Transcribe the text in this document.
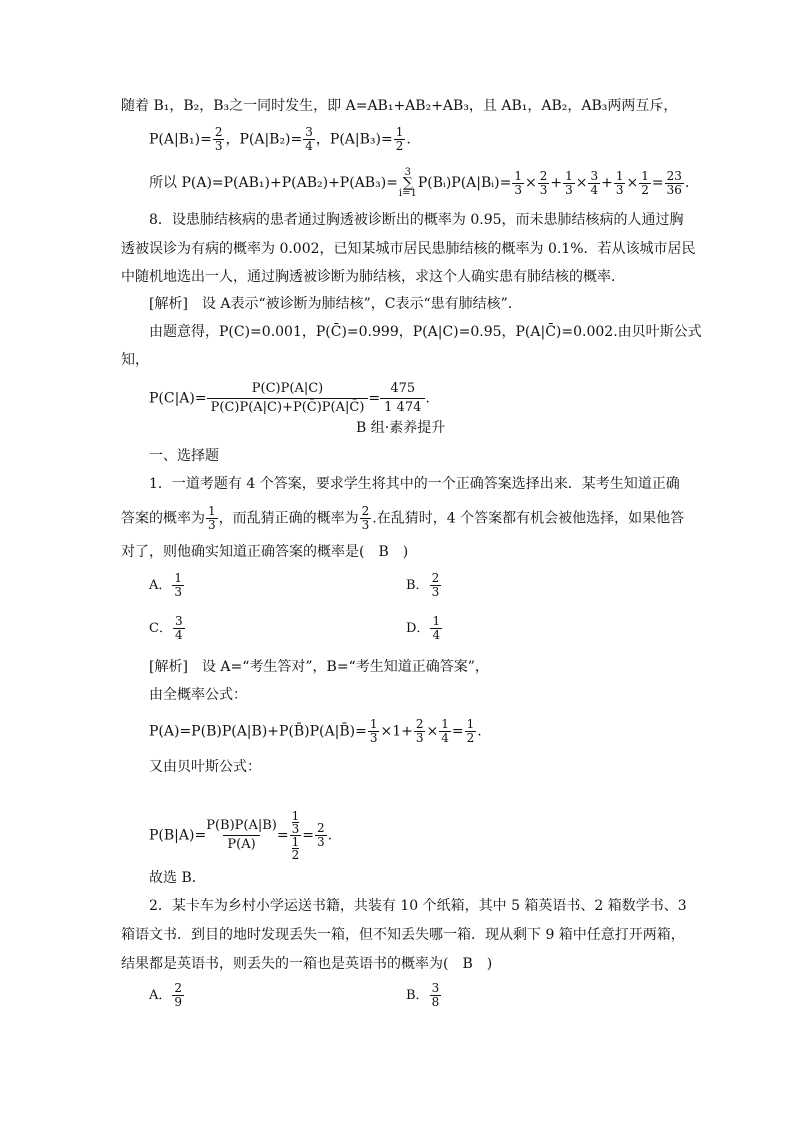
随着 B₁，B₂，B₃之一同时发生，即 A=AB₁+AB₂+AB₃，且 AB₁，AB₂，AB₃两两互斥，
$P(A|B_1)= \frac{2}{3}$ ，$P(A|B_2)= \frac{3}{4}$ ，$P(A|B_3)= \frac{1}{2}$ .
所以 P(A)=P(AB₁)+P(AB₂)+P(AB₃)=
3
∑
i=1
P(Bᵢ)P(A|Bᵢ)= $\frac{1}{3} \times \frac{2}{3} + \frac{1}{3} \times \frac{3}{4} + \frac{1}{3} \times \frac{1}{2} = \frac{23}{36}$ .
8．设患肺结核病的患者通过胸透被诊断出的概率为 0.95，而未患肺结核病的人通过胸
透被误诊为有病的概率为 0.002，已知某城市居民患肺结核的概率为 0.1%．若从该城市居民
中随机地选出一人，通过胸透被诊断为肺结核，求这个人确实患有肺结核的概率．
[解析]　设 A表示“被诊断为肺结核”，C表示“患有肺结核”．
由题意得，P(C)=0.001，P(C̄)=0.999，P(A|C)=0.95，P(A|C̄)=0.002.由贝叶斯公式
知，
$P(C|A)= \frac{P(C)P(A|C)}{P(C)P(A|C)+P(C̄)P(A|C̄)} = \frac{475}{1 474}$ .
B 组·素养提升
一、选择题
1．一道考题有 4 个答案，要求学生将其中的一个正确答案选择出来．某考生知道正确
答案的概率为 $\frac{1}{3}$ ，而乱猜正确的概率为 $\frac{2}{3}$ .在乱猜时，4 个答案都有机会被他选择，如果他答
对了，则他确实知道正确答案的概率是(　B　)
A． $\frac{1}{3}$	B． $\frac{2}{3}$
C． $\frac{3}{4}$	D． $\frac{1}{4}$
[解析]　设 A=“考生答对”，B=“考生知道正确答案”，
由全概率公式：
P(A)=P(B)P(A|B)+P(B̄)P(A|B̄)= $\frac{1}{3} \times 1+ \frac{2}{3} \times \frac{1}{4} = \frac{1}{2}$ .
又由贝叶斯公式：
$P(B|A)= \frac{P(B)P(A|B)}{P(A)} = 1$
3
1
$2 = \frac{2}{3}$ .
故选 B．
2．某卡车为乡村小学运送书籍，共装有 10 个纸箱，其中 5 箱英语书、2 箱数学书、3
箱语文书．到目的地时发现丢失一箱，但不知丢失哪一箱．现从剩下 9 箱中任意打开两箱，
结果都是英语书，则丢失的一箱也是英语书的概率为(　B　)
A． $\frac{2}{9}$	B． $\frac{3}{8}$
